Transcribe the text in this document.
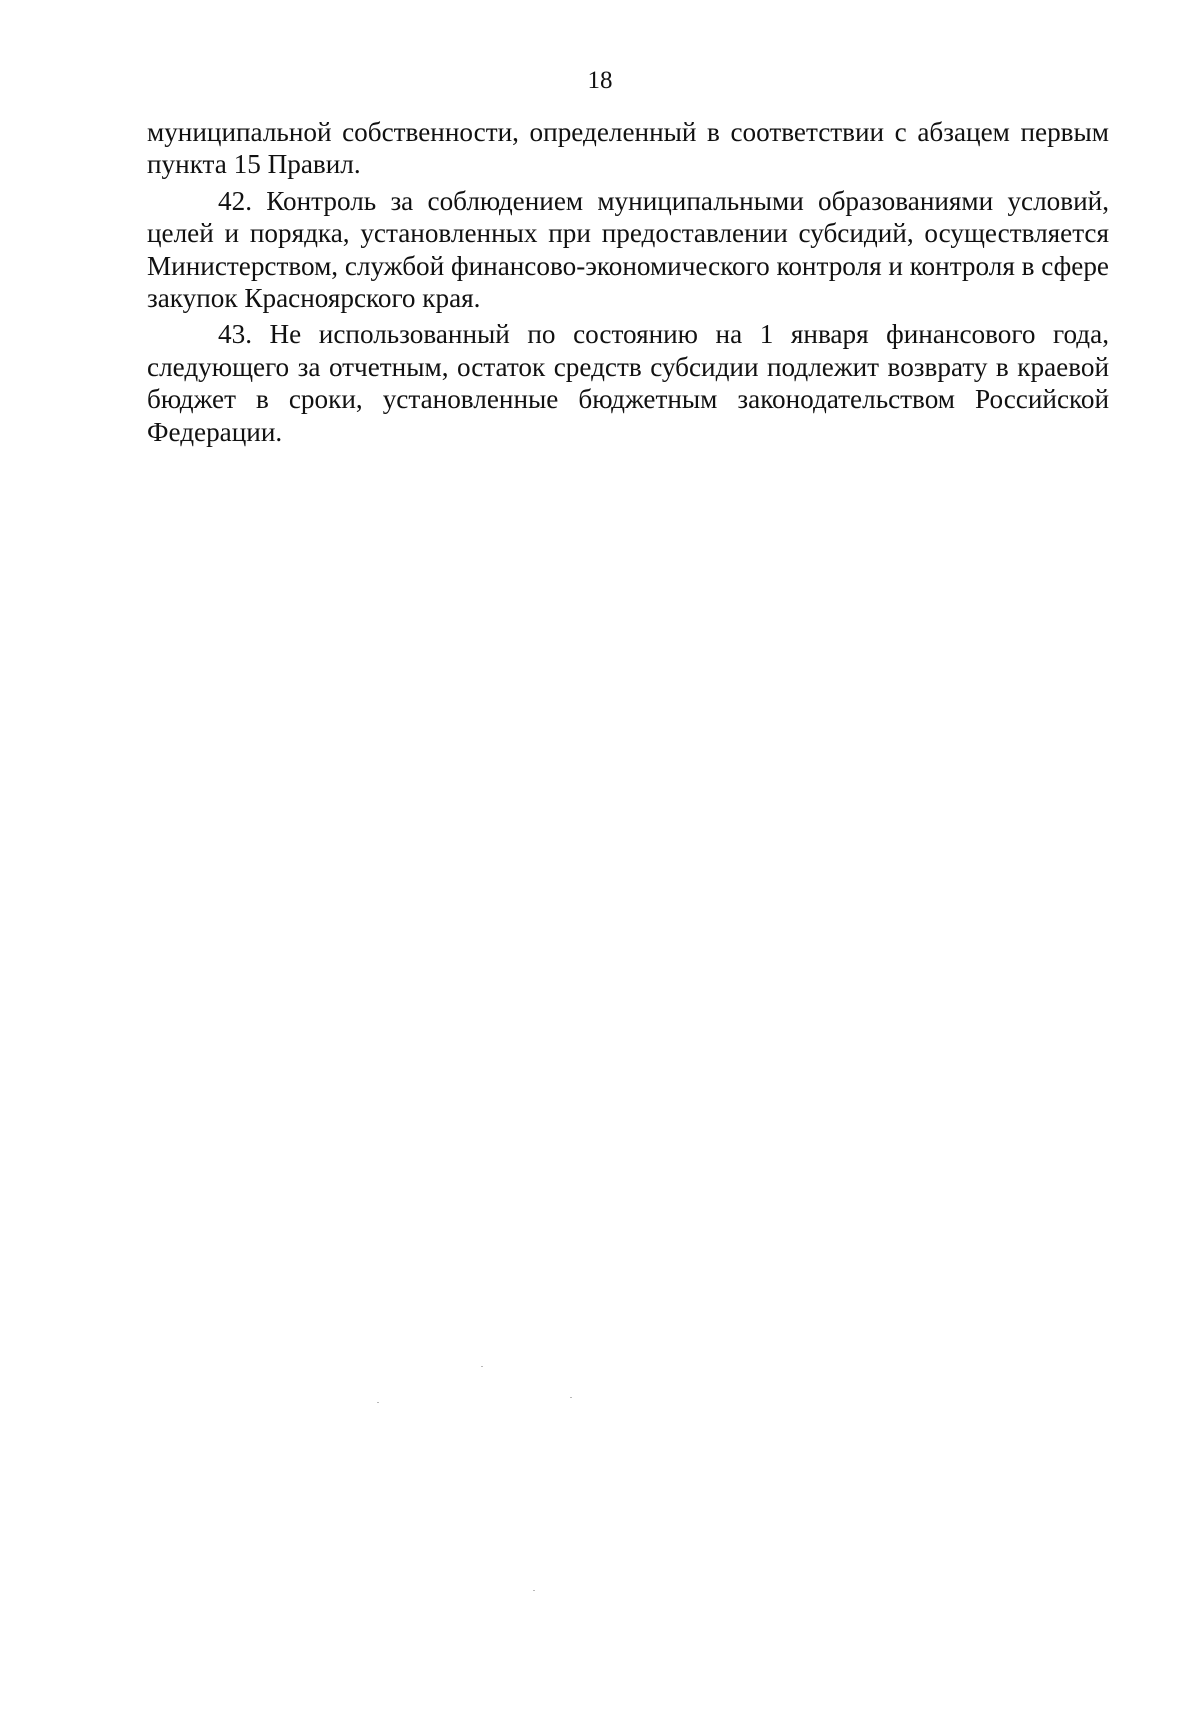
18

муниципальной собственности, определенный в соответствии с абзацем первым пункта 15 Правил.

42. Контроль за соблюдением муниципальными образованиями условий, целей и порядка, установленных при предоставлении субсидий, осуществляется Министерством, службой финансово-экономического контроля и контроля в сфере закупок Красноярского края.

43. Не использованный по состоянию на 1 января финансового года, следующего за отчетным, остаток средств субсидии подлежит возврату в краевой бюджет в сроки, установленные бюджетным законодательством Российской Федерации.
